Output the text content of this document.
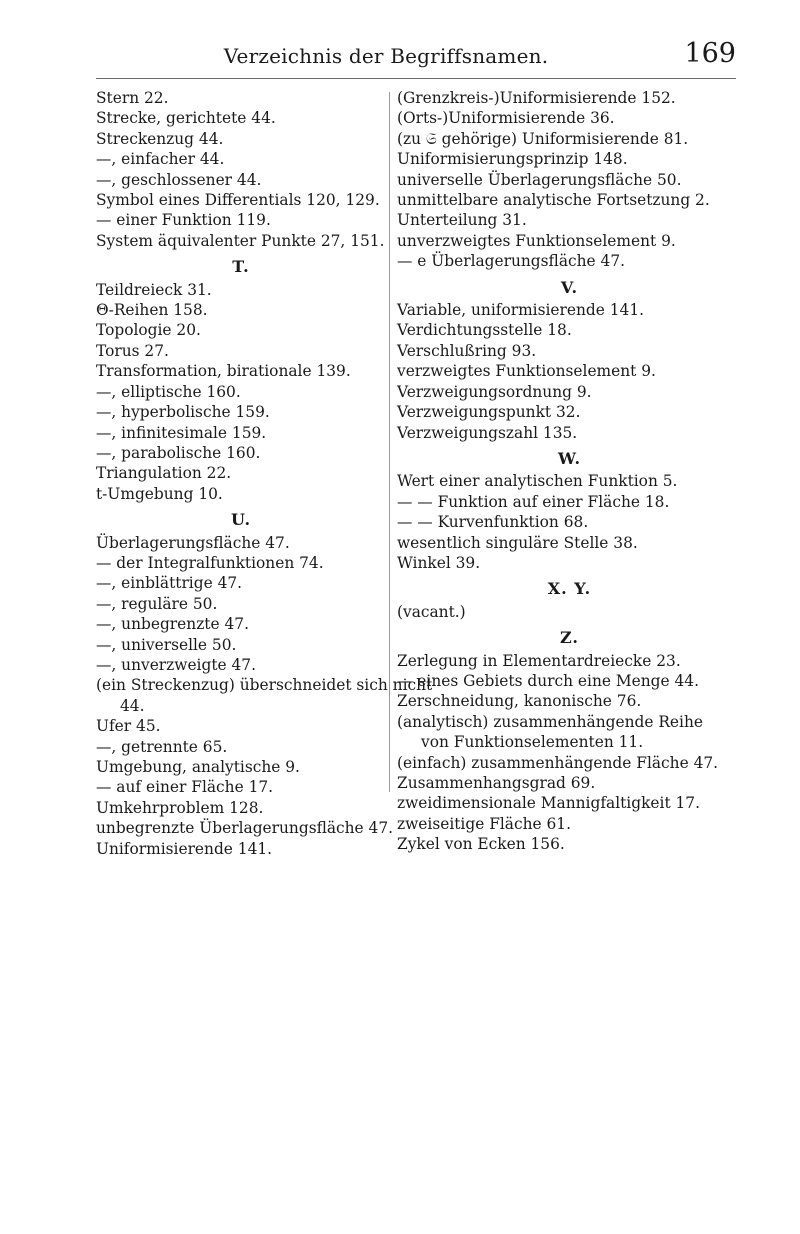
Verzeichnis der Begriffsnamen.	169
Stern 22.
Strecke, gerichtete 44.
Streckenzug 44.
—, einfacher 44.
—, geschlossener 44.
Symbol eines Differentials 120, 129.
— einer Funktion 119.
System äquivalenter Punkte 27, 151.
T.
Teildreieck 31.
Θ-Reihen 158.
Topologie 20.
Torus 27.
Transformation, birationale 139.
—, elliptische 160.
—, hyperbolische 159.
—, infinitesimale 159.
—, parabolische 160.
Triangulation 22.
t-Umgebung 10.
U.
Überlagerungsfläche 47.
— der Integralfunktionen 74.
—, einblättrige 47.
—, reguläre 50.
—, unbegrenzte 47.
—, universelle 50.
—, unverzweigte 47.
(ein Streckenzug) überschneidet sich nicht
44.
Ufer 45.
—, getrennte 65.
Umgebung, analytische 9.
— auf einer Fläche 17.
Umkehrproblem 128.
unbegrenzte Überlagerungsfläche 47.
Uniformisierende 141.
(Grenzkreis-)Uniformisierende 152.
(Orts-)Uniformisierende 36.
(zu 𝔖 gehörige) Uniformisierende 81.
Uniformisierungsprinzip 148.
universelle Überlagerungsfläche 50.
unmittelbare analytische Fortsetzung 2.
Unterteilung 31.
unverzweigtes Funktionselement 9.
— e Überlagerungsfläche 47.
V.
Variable, uniformisierende 141.
Verdichtungsstelle 18.
Verschlußring 93.
verzweigtes Funktionselement 9.
Verzweigungsordnung 9.
Verzweigungspunkt 32.
Verzweigungszahl 135.
W.
Wert einer analytischen Funktion 5.
— — Funktion auf einer Fläche 18.
— — Kurvenfunktion 68.
wesentlich singuläre Stelle 38.
Winkel 39.
X. Y.
(vacant.)
Z.
Zerlegung in Elementardreiecke 23.
— eines Gebiets durch eine Menge 44.
Zerschneidung, kanonische 76.
(analytisch) zusammenhängende Reihe
von Funktionselementen 11.
(einfach) zusammenhängende Fläche 47.
Zusammenhangsgrad 69.
zweidimensionale Mannigfaltigkeit 17.
zweiseitige Fläche 61.
Zykel von Ecken 156.
